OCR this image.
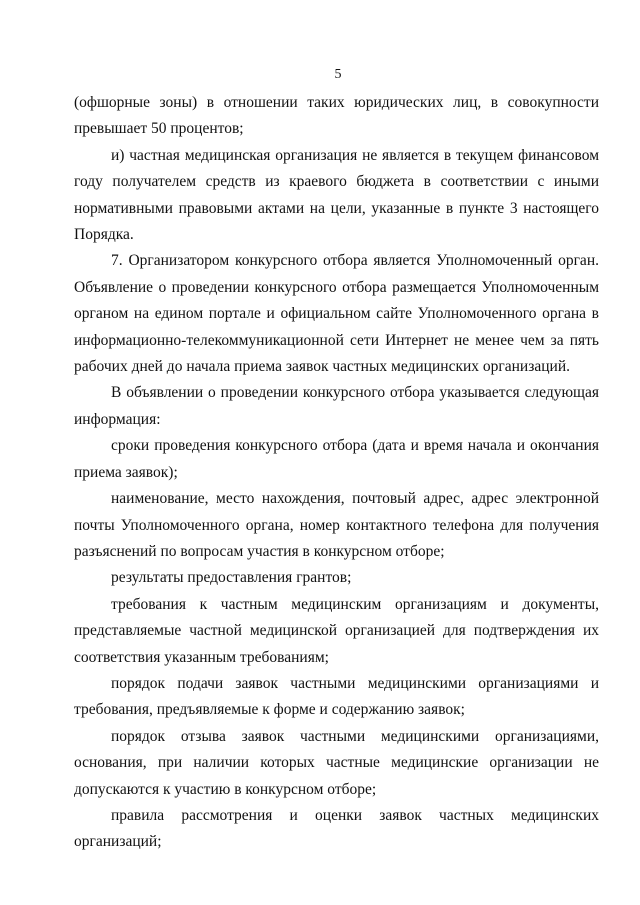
5

(офшорные зоны) в отношении таких юридических лиц, в совокупности превышает 50 процентов;

и) частная медицинская организация не является в текущем финансовом году получателем средств из краевого бюджета в соответствии с иными нормативными правовыми актами на цели, указанные в пункте 3 настоящего Порядка.

7. Организатором конкурсного отбора является Уполномоченный орган. Объявление о проведении конкурсного отбора размещается Уполномоченным органом на едином портале и официальном сайте Уполномоченного органа в информационно-телекоммуникационной сети Интернет не менее чем за пять рабочих дней до начала приема заявок частных медицинских организаций.

В объявлении о проведении конкурсного отбора указывается следующая информация:

сроки проведения конкурсного отбора (дата и время начала и окончания приема заявок);

наименование, место нахождения, почтовый адрес, адрес электронной почты Уполномоченного органа, номер контактного телефона для получения разъяснений по вопросам участия в конкурсном отборе;

результаты предоставления грантов;

требования к частным медицинским организациям и документы, представляемые частной медицинской организацией для подтверждения их соответствия указанным требованиям;

порядок подачи заявок частными медицинскими организациями и требования, предъявляемые к форме и содержанию заявок;

порядок отзыва заявок частными медицинскими организациями, основания, при наличии которых частные медицинские организации не допускаются к участию в конкурсном отборе;

правила рассмотрения и оценки заявок частных медицинских организаций;
